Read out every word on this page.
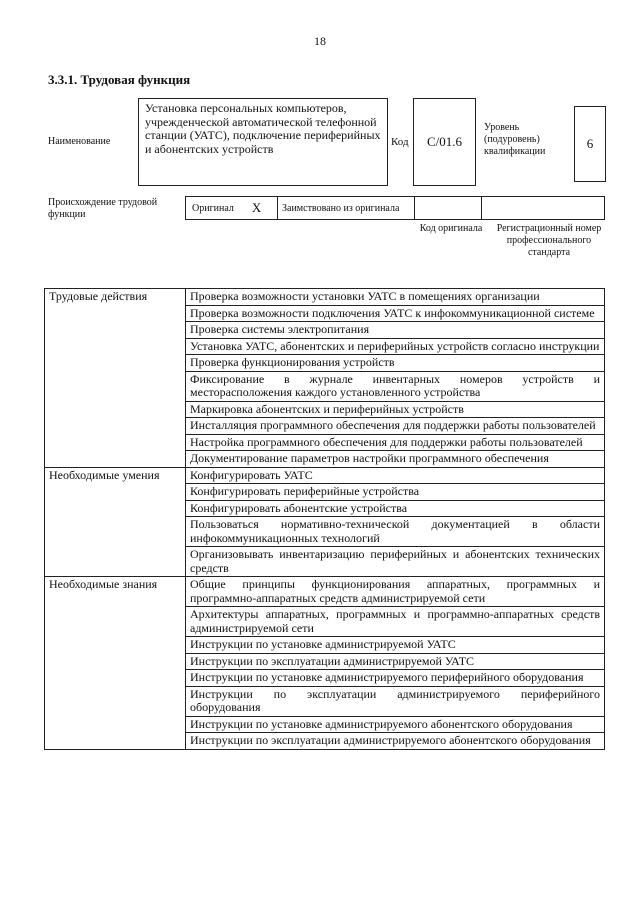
18
3.3.1. Трудовая функция
Наименование
Установка персональных компьютеров, учрежденческой автоматической телефонной станции (УАТС), подключение периферийных и абонентских устройств	Код	С/01.6
Уровень (подуровень) квалификации
6
Происхождение трудовой функции
Оригинал X	Заимствовано из оригинала
Код оригинала	Регистрационный номер профессионального стандарта
Трудовые действия	Проверка возможности установки УАТС в помещениях организации
	Проверка возможности подключения УАТС к инфокоммуникационной системе
	Проверка системы электропитания
	Установка УАТС, абонентских и периферийных устройств согласно инструкции
	Проверка функционирования устройств
	Фиксирование в журнале инвентарных номеров устройств и месторасположения каждого установленного устройства
	Маркировка абонентских и периферийных устройств
	Инсталляция программного обеспечения для поддержки работы пользователей
	Настройка программного обеспечения для поддержки работы пользователей
	Документирование параметров настройки программного обеспечения
Необходимые умения	Конфигурировать УАТС
	Конфигурировать периферийные устройства
	Конфигурировать абонентские устройства
	Пользоваться нормативно-технической документацией в области инфокоммуникационных технологий
	Организовывать инвентаризацию периферийных и абонентских технических средств
Необходимые знания	Общие принципы функционирования аппаратных, программных и программно-аппаратных средств администрируемой сети
	Архитектуры аппаратных, программных и программно-аппаратных средств администрируемой сети
	Инструкции по установке администрируемой УАТС
	Инструкции по эксплуатации администрируемой УАТС
	Инструкции по установке администрируемого периферийного оборудования
	Инструкции по эксплуатации администрируемого периферийного оборудования
	Инструкции по установке администрируемого абонентского оборудования
	Инструкции по эксплуатации администрируемого абонентского оборудования
